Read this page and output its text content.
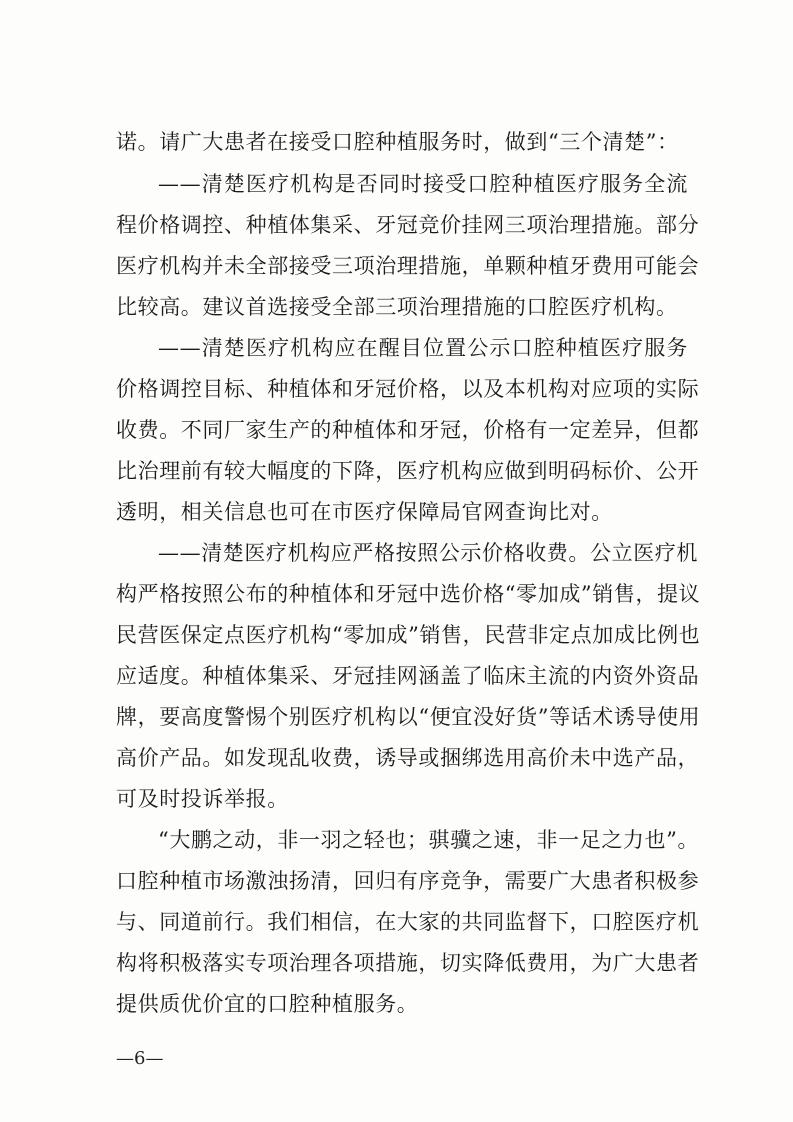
诺。请广大患者在接受口腔种植服务时，做到“三个清楚”：
——清楚医疗机构是否同时接受口腔种植医疗服务全流
程价格调控、种植体集采、牙冠竞价挂网三项治理措施。部分
医疗机构并未全部接受三项治理措施，单颗种植牙费用可能会
比较高。建议首选接受全部三项治理措施的口腔医疗机构。
——清楚医疗机构应在醒目位置公示口腔种植医疗服务
价格调控目标、种植体和牙冠价格，以及本机构对应项的实际
收费。不同厂家生产的种植体和牙冠，价格有一定差异，但都
比治理前有较大幅度的下降，医疗机构应做到明码标价、公开
透明，相关信息也可在市医疗保障局官网查询比对。
——清楚医疗机构应严格按照公示价格收费。公立医疗机
构严格按照公布的种植体和牙冠中选价格“零加成”销售，提议
民营医保定点医疗机构“零加成”销售，民营非定点加成比例也
应适度。种植体集采、牙冠挂网涵盖了临床主流的内资外资品
牌，要高度警惕个别医疗机构以“便宜没好货”等话术诱导使用
高价产品。如发现乱收费，诱导或捆绑选用高价未中选产品，
可及时投诉举报。
“大鹏之动，非一羽之轻也；骐骥之速，非一足之力也”。
口腔种植市场激浊扬清，回归有序竞争，需要广大患者积极参
与、同道前行。我们相信，在大家的共同监督下，口腔医疗机
构将积极落实专项治理各项措施，切实降低费用，为广大患者
提供质优价宜的口腔种植服务。
—6—
